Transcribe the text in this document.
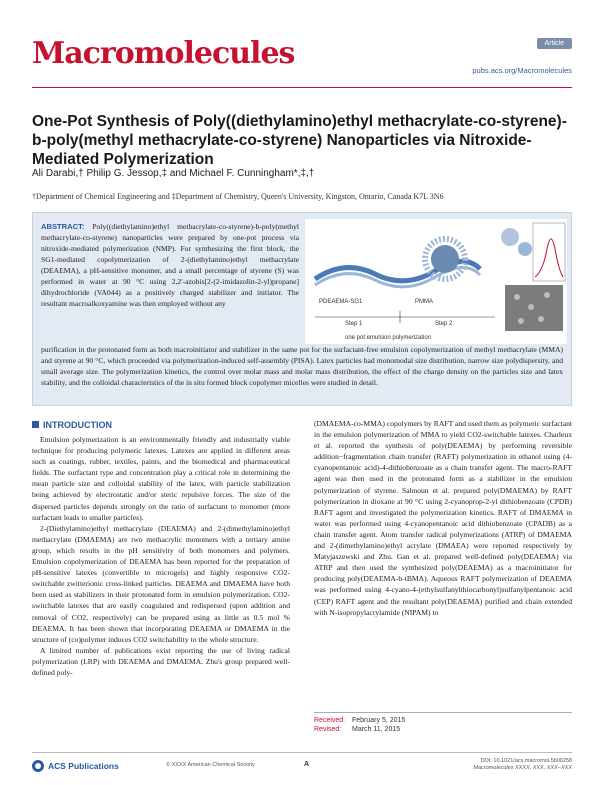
Macromolecules	Article
pubs.acs.org/Macromolecules
One-Pot Synthesis of Poly((diethylamino)ethyl methacrylate-co-styrene)-b-poly(methyl methacrylate-co-styrene) Nanoparticles via Nitroxide-Mediated Polymerization
Ali Darabi,† Philip G. Jessop,‡ and Michael F. Cunningham*,‡,†
†Department of Chemical Engineering and ‡Department of Chemistry, Queen's University, Kingston, Ontario, Canada K7L 3N6
ABSTRACT: Poly((diethylamino)ethyl methacrylate-co-styrene)-b-poly(methyl methacrylate-co-styrene) nanoparticles were prepared by one-pot process via nitroxide-mediated polymerization (NMP). For synthesizing the first block, the SG1-mediated copolymerization of 2-(diethylamino)ethyl methacrylate (DEAEMA), a pH-sensitive monomer, and a small percentage of styrene (S) was performed in water at 90 °C using 2,2'-azobis[2-(2-imidazolin-2-yl)propane] dihydrochloride (VA044) as a positively charged stabilizer and initiator. The resultant macroalkoxyamine was then employed without any	PDEAEMA-SG1	PMMA
Step 1	Step 2
one pot emulsion polymerization
purification in the protonated form as both macroinitiator and stabilizer in the same pot for the surfactant-free emulsion copolymerization of methyl methacrylate (MMA) and styrene at 90 °C, which proceeded via polymerization-induced self-assembly (PISA). Latex particles had monomodal size distribution, narrow size polydispersity, and small average size. The polymerization kinetics, the control over molar mass and molar mass distribution, the effect of the charge density on the particles size and latex stability, and the colloidal characteristics of the in situ formed block copolymer micelles were studied in detail.
INTRODUCTION

Emulsion polymerization is an environmentally friendly and industrially viable technique for producing polymeric latexes. Latexes are applied in different areas such as coatings, rubber, textiles, paints, and the biomedical and pharmaceutical fields. The surfactant type and concentration play a critical role in determining the mean particle size and colloidal stability of the latex, with particle stabilization being achieved by electrostatic and/or steric repulsive forces. The size of the dispersed particles depends strongly on the ratio of surfactant to monomer (more surfactant leads to smaller particles).

2-(Diethylamino)ethyl methacrylate (DEAEMA) and 2-(dimethylamino)ethyl methacrylate (DMAEMA) are two methacrylic monomers with a tertiary amine group, which results in the pH sensitivity of both monomers and polymers. Emulsion copolymerization of DEAEMA has been reported for the preparation of pH-sensitive latexes (convertible to microgels) and highly responsive CO2-switchable zwitterionic cross-linked particles. DEAEMA and DMAEMA have both been used as stabilizers in their protonated form in emulsion polymerization. CO2-switchable latexes that are easily coagulated and redispersed (upon addition and removal of CO2, respectively) can be prepared using as little as 0.5 mol % DEAEMA. It has been shown that incorporating DEAEMA or DMAEMA in the structure of (co)polymer induces CO2 switchability to the whole structure.

A limited number of publications exist reporting the use of living radical polymerization (LRP) with DEAEMA and DMAEMA. Zhu's group prepared well-defined poly-

(DMAEMA-co-MMA) copolymers by RAFT and used them as polymeric surfactant in the emulsion polymerization of MMA to yield CO2-switchable latexes. Charleux et al. reported the synthesis of poly(DEAEMA) by performing reversible addition−fragmentation chain transfer (RAFT) polymerization in ethanol using (4-cyanopentanoic acid)-4-dithiobenzoate as a chain transfer agent. The macro-RAFT agent was then used in the protonated form as a stabilizer in the emulsion polymerization of styrene. Sahnoun et al. prepared poly(DMAEMA) by RAFT polymerization in dioxane at 90 °C using 2-cyanoprop-2-yl dithiobenzoate (CPDB) RAFT agent and investigated the polymerization kinetics. RAFT of DMAEMA in water was performed using 4-cyanopentanoic acid dithiobenzoate (CPADB) as a chain transfer agent. Atom transfer radical polymerizations (ATRP) of DMAEMA and 2-(dimethylamino)ethyl acrylate (DMAEA) were reported respectively by Matyjaszewski and Zhu. Gan et al. prepared well-defined poly(DEAEMA) via ATRP and then used the synthesized poly(DEAEMA) as a macroinitiator for producing poly(DEAEMA-b-tBMA). Aqueous RAFT polymerization of DEAEMA was performed using 4-cyano-4-(ethylsulfanylthiocarbonyl)sulfanylpentanoic acid (CEP) RAFT agent and the resultant poly(DEAEMA) purified and chain extended with N-isopropylacrylamide (NIPAM) to

Received: February 5, 2015
Revised:	March 11, 2015
ACS Publications	© XXXX American Chemical Society	A	DOI: 10.1021/acs.macromol.5b00258
Macromolecules XXXX, XXX, XXX−XXX
